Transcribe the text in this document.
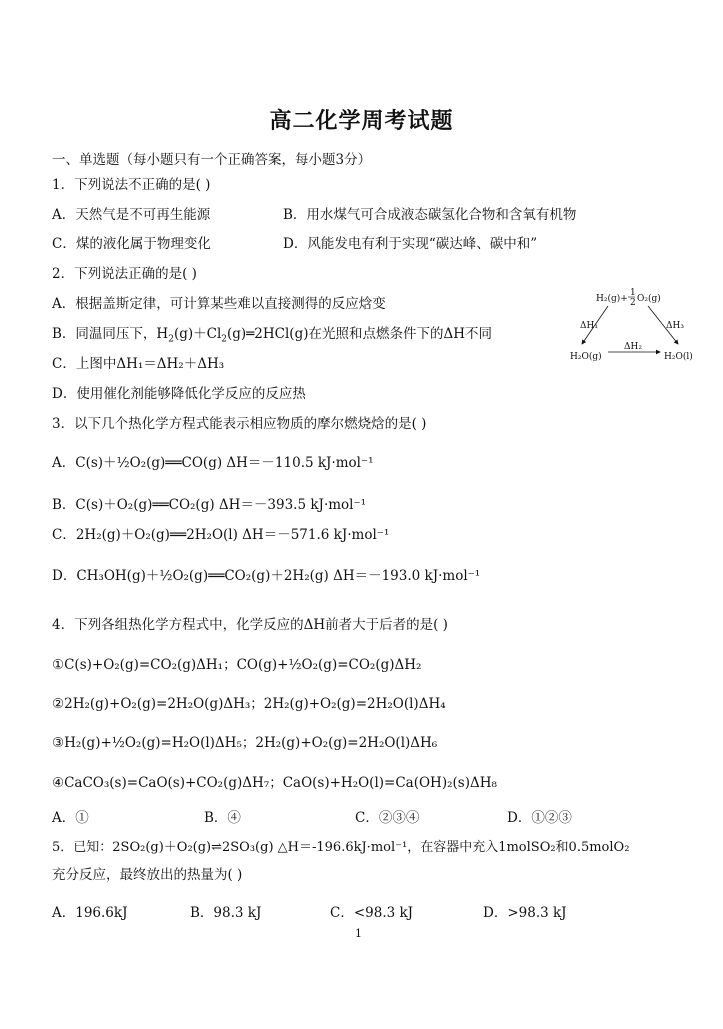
高二化学周考试题
一、单选题（每小题只有一个正确答案，每小题3分）
1．下列说法不正确的是( )
A．天然气是不可再生能源	B．用水煤气可合成液态碳氢化合物和含氧有机物
C．煤的液化属于物理变化	D．风能发电有利于实现“碳达峰、碳中和”
2．下列说法正确的是( )
A．根据盖斯定律，可计算某些难以直接测得的反应焓变
B．同温同压下，$H_2(g)+Cl_2(g)═2HCl(g)$在光照和点燃条件下的ΔH不同
C．上图中ΔH₁＝ΔH₂＋ΔH₃
D．使用催化剂能够降低化学反应的反应热
H₂(g)+
1
2 O₂(g)
ΔH₁	ΔH₃
ΔH₂
H₂O(g)	H₂O(l)
3．以下几个热化学方程式能表示相应物质的摩尔燃烧焓的是( )
A．C(s)＋½O₂(g)══CO(g) ΔH＝－110.5 kJ·mol⁻¹
B．C(s)＋O₂(g)══CO₂(g) ΔH＝－393.5 kJ·mol⁻¹
C．2H₂(g)＋O₂(g)══2H₂O(l) ΔH＝－571.6 kJ·mol⁻¹
D．CH₃OH(g)＋½O₂(g)══CO₂(g)＋2H₂(g) ΔH＝－193.0 kJ·mol⁻¹
4．下列各组热化学方程式中，化学反应的ΔH前者大于后者的是( )
①C(s)+O₂(g)=CO₂(g)ΔH₁；CO(g)+½O₂(g)=CO₂(g)ΔH₂
②2H₂(g)+O₂(g)=2H₂O(g)ΔH₃；2H₂(g)+O₂(g)=2H₂O(l)ΔH₄
③H₂(g)+½O₂(g)=H₂O(l)ΔH₅；2H₂(g)+O₂(g)=2H₂O(l)ΔH₆
④CaCO₃(s)=CaO(s)+CO₂(g)ΔH₇；CaO(s)+H₂O(l)=Ca(OH)₂(s)ΔH₈
A．①	B．④	C．②③④	D．①②③
5．已知：2SO₂(g)＋O₂(g)⇌2SO₃(g) △H＝-196.6kJ·mol⁻¹，在容器中充入1molSO₂和0.5molO₂
充分反应，最终放出的热量为( )
A．196.6kJ	B．98.3 kJ	C．<98.3 kJ	D．>98.3 kJ
1
